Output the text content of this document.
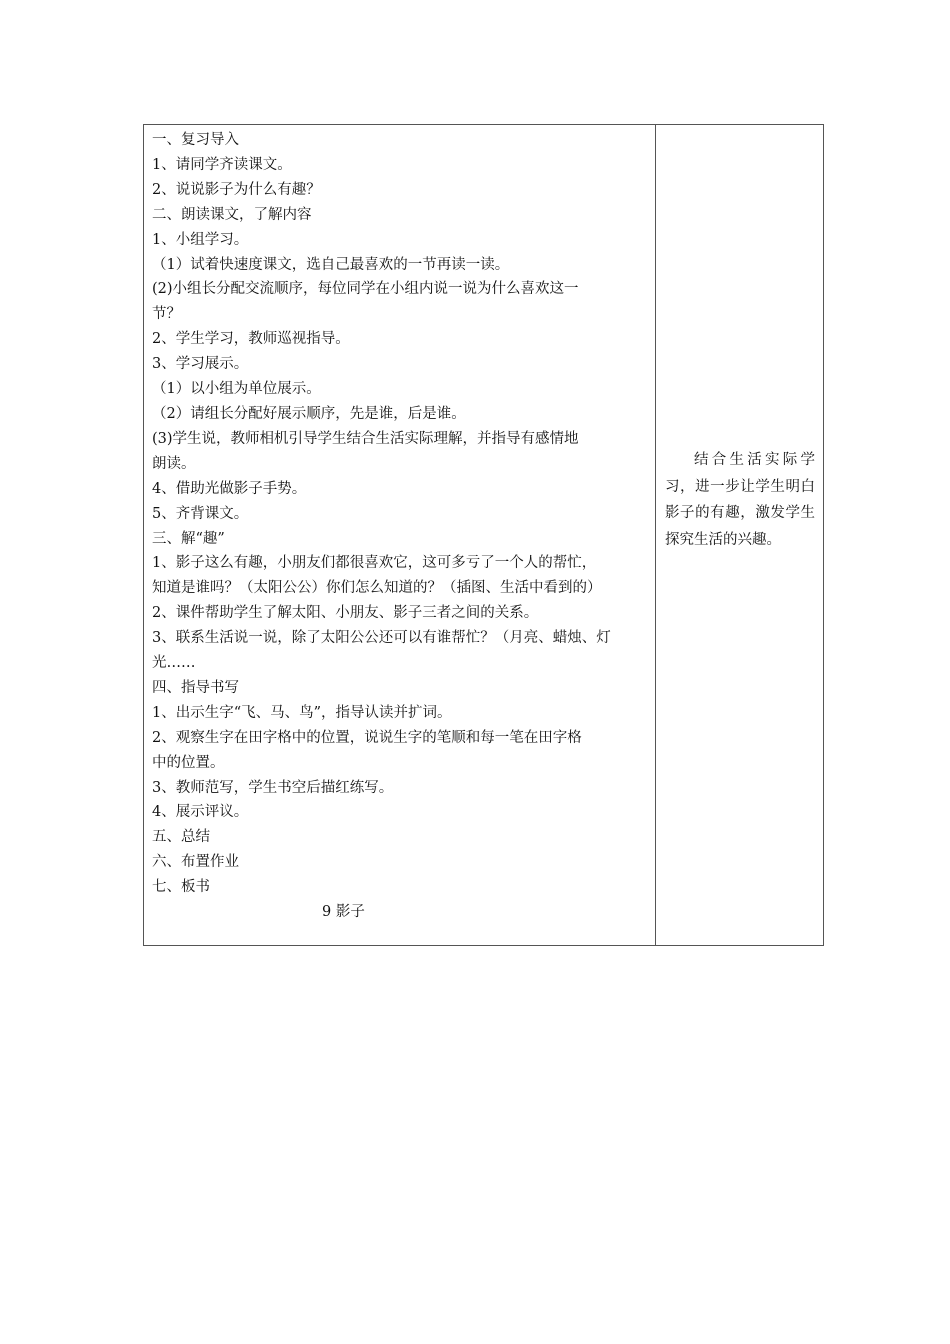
一、复习导入
1、请同学齐读课文。
2、说说影子为什么有趣？
二、朗读课文，了解内容
1、小组学习。
（1）试着快速度课文，选自己最喜欢的一节再读一读。
(2)小组长分配交流顺序，每位同学在小组内说一说为什么喜欢这一
节？
2、学生学习，教师巡视指导。
3、学习展示。
（1）以小组为单位展示。
（2）请组长分配好展示顺序，先是谁，后是谁。
(3)学生说，教师相机引导学生结合生活实际理解，并指导有感情地
朗读。
4、借助光做影子手势。
5、齐背课文。
三、解“趣”
1、影子这么有趣，小朋友们都很喜欢它，这可多亏了一个人的帮忙，
知道是谁吗？（太阳公公）你们怎么知道的？（插图、生活中看到的）
2、课件帮助学生了解太阳、小朋友、影子三者之间的关系。
3、联系生活说一说，除了太阳公公还可以有谁帮忙？（月亮、蜡烛、灯
光……
四、指导书写
1、出示生字“飞、马、鸟”，指导认读并扩词。
2、观察生字在田字格中的位置，说说生字的笔顺和每一笔在田字格
中的位置。
3、教师范写，学生书空后描红练写。
4、展示评议。
五、总结
六、布置作业
七、板书
9 影子

结合生活实际学习，进一步让学生明白影子的有趣，激发学生探究生活的兴趣。
